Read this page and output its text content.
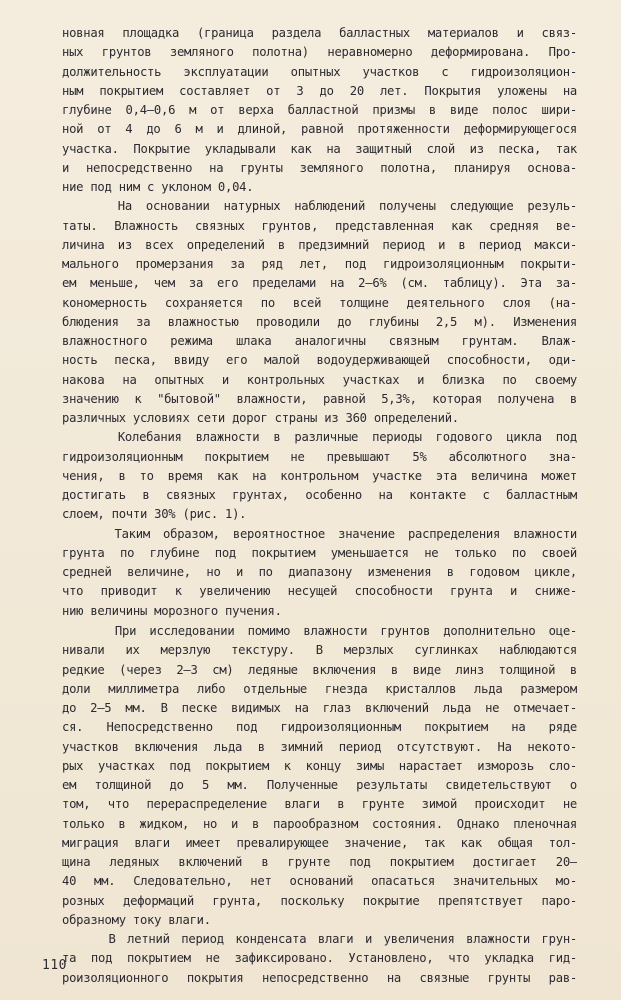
новная площадка (граница раздела балластных материалов и связ-
ных грунтов земляного полотна) неравномерно деформирована. Про-
должительность эксплуатации опытных участков с гидроизоляцион-
ным покрытием составляет от 3 до 20 лет. Покрытия уложены на
глубине 0,4–0,6 м от верха балластной призмы в виде полос шири-
ной от 4 до 6 м и длиной, равной протяженности деформирующегося
участка. Покрытие укладывали как на защитный слой из песка, так
и непосредственно на грунты земляного полотна, планируя основа-
ние под ним с уклоном 0,04.
На основании натурных наблюдений получены следующие резуль-
таты. Влажность связных грунтов, представленная как средняя ве-
личина из всех определений в предзимний период и в период макси-
мального промерзания за ряд лет, под гидроизоляционным покрыти-
ем меньше, чем за его пределами на 2–6% (см. таблицу). Эта за-
кономерность сохраняется по всей толщине деятельного слоя (на-
блюдения за влажностью проводили до глубины 2,5 м). Изменения
влажностного режима шлака аналогичны связным грунтам. Влаж-
ность песка, ввиду его малой водоудерживающей способности, оди-
накова на опытных и контрольных участках и близка по своему
значению к "бытовой" влажности, равной 5,3%, которая получена в
различных условиях сети дорог страны из 360 определений.
Колебания влажности в различные периоды годового цикла под
гидроизоляционным покрытием не превышают 5% абсолютного зна-
чения, в то время как на контрольном участке эта величина может
достигать в связных грунтах, особенно на контакте с балластным
слоем, почти 30% (рис. 1).
Таким образом, вероятностное значение распределения влажности
грунта по глубине под покрытием уменьшается не только по своей
средней величине, но и по диапазону изменения в годовом цикле,
что приводит к увеличению несущей способности грунта и сниже-
нию величины морозного пучения.
При исследовании помимо влажности грунтов дополнительно оце-
нивали их мерзлую текстуру. В мерзлых суглинках наблюдаются
редкие (через 2–3 см) ледяные включения в виде линз толщиной в
доли миллиметра либо отдельные гнезда кристаллов льда размером
до 2–5 мм. В песке видимых на глаз включений льда не отмечает-
ся. Непосредственно под гидроизоляционным покрытием на ряде
участков включения льда в зимний период отсутствуют. На некото-
рых участках под покрытием к концу зимы нарастает изморозь сло-
ем толщиной до 5 мм. Полученные результаты свидетельствуют о
том, что перераспределение влаги в грунте зимой происходит не
только в жидком, но и в парообразном состояния. Однако пленочная
миграция влаги имеет превалирующее значение, так как общая тол-
щина ледяных включений в грунте под покрытием достигает 20–
40 мм. Следовательно, нет оснований опасаться значительных мо-
розных деформаций грунта, поскольку покрытие препятствует паро-
образному току влаги.
В летний период конденсата влаги и увеличения влажности грун-
та под покрытием не зафиксировано. Установлено, что укладка гид-
роизоляционного покрытия непосредственно на связные грунты рав-
110
